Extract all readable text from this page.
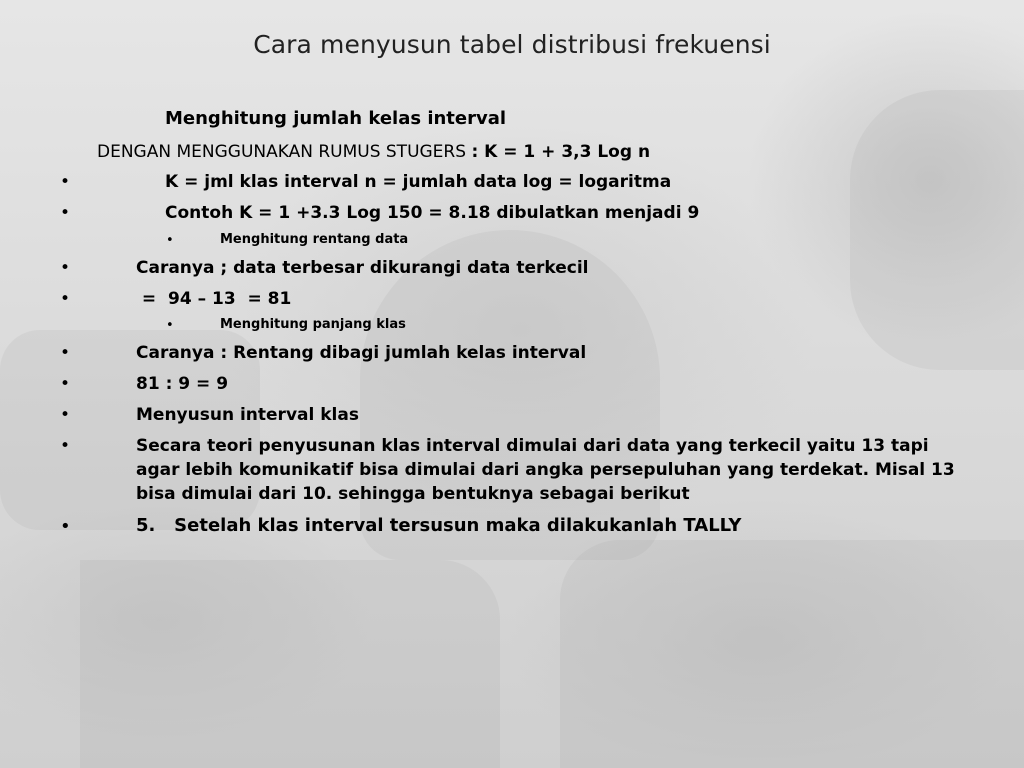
Cara menyusun tabel distribusi frekuensi
Menghitung jumlah kelas interval
DENGAN MENGGUNAKAN RUMUS STUGERS : K = 1 + 3,3 Log n
•	K = jml klas interval n = jumlah data log = logaritma
•	Contoh K = 1 +3.3 Log 150 = 8.18 dibulatkan menjadi 9
•	Menghitung rentang data
•	Caranya ; data terbesar dikurangi data terkecil
•	=  94 – 13  = 81
•	Menghitung panjang klas
•	Caranya : Rentang dibagi jumlah kelas interval
•	81 : 9 = 9
•	Menyusun interval klas
•	Secara teori penyusunan klas interval dimulai dari data yang terkecil yaitu 13 tapi agar lebih komunikatif bisa dimulai dari angka persepuluhan yang terdekat. Misal 13 bisa dimulai dari 10. sehingga bentuknya sebagai berikut
•	5.   Setelah klas interval tersusun maka dilakukanlah TALLY
